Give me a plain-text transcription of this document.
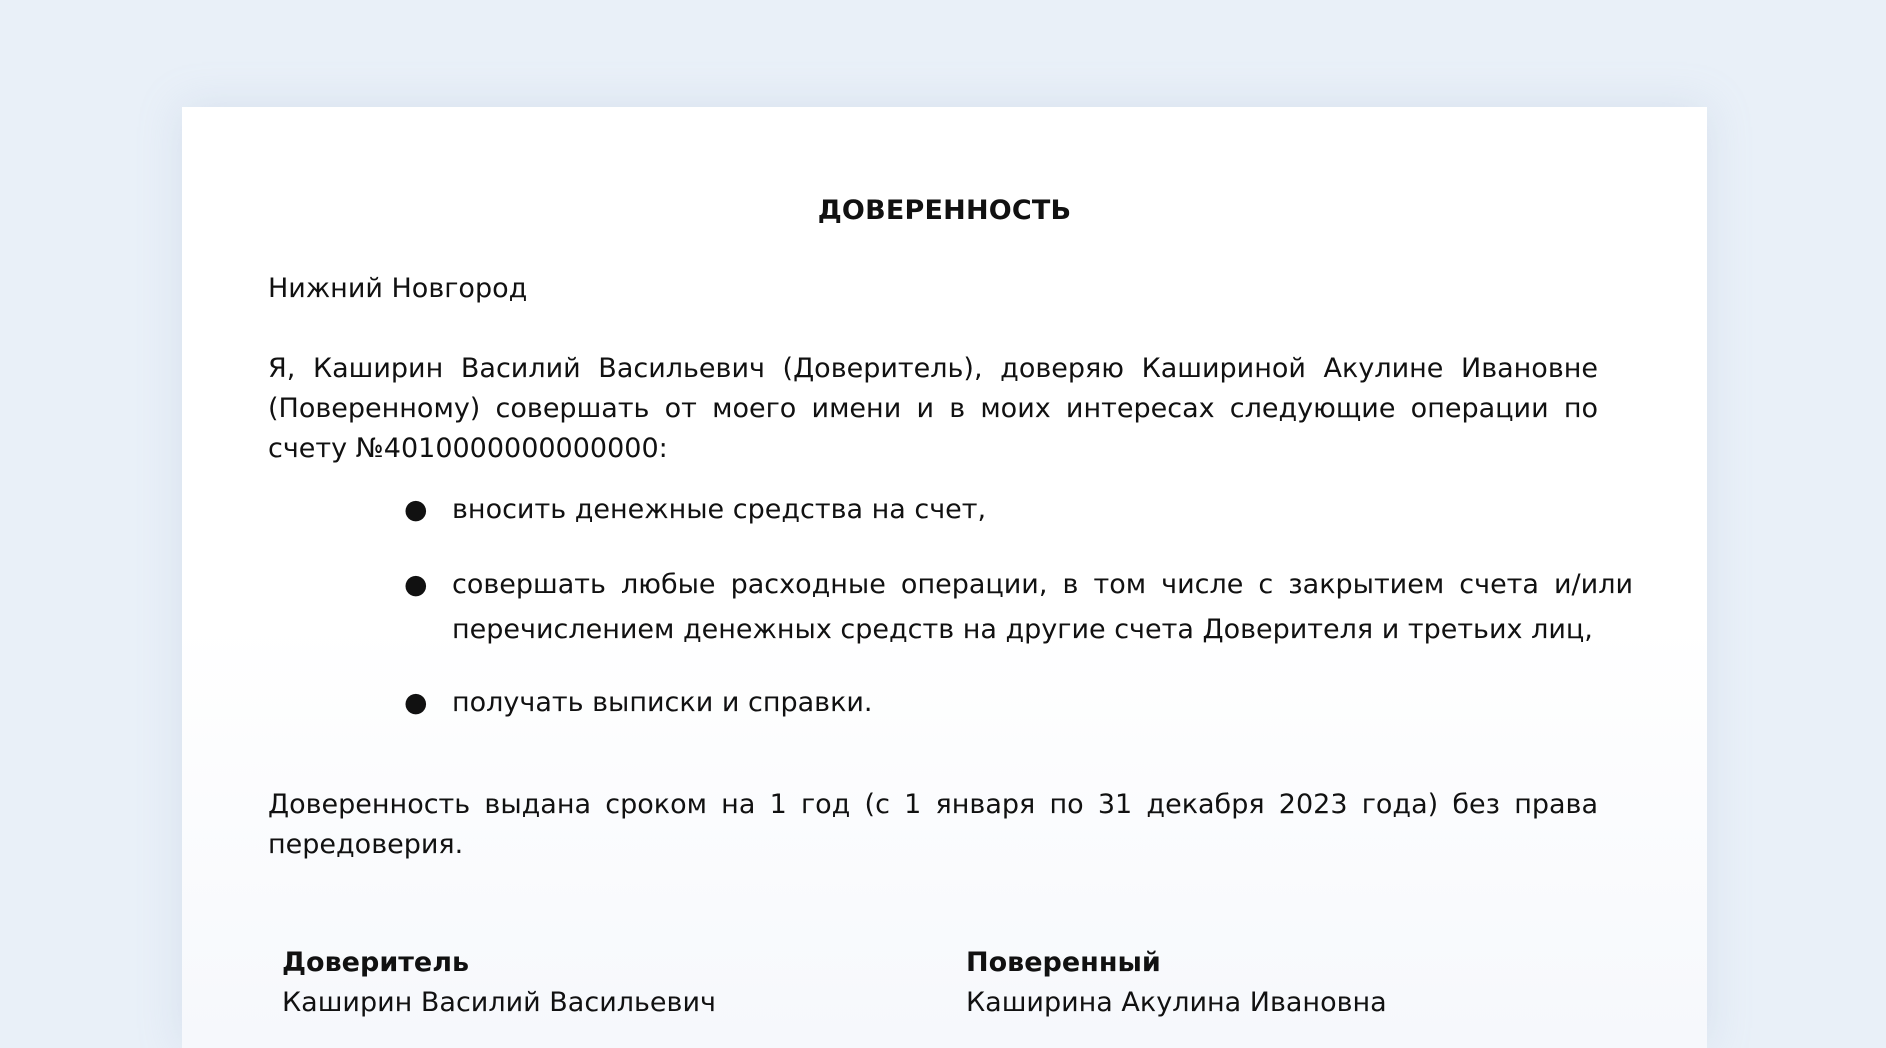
ДОВЕРЕННОСТЬ
Нижний Новгород
Я, Каширин Василий Васильевич (Доверитель), доверяю Кашириной Акулине Ивановне (Поверенному) совершать от моего имени и в моих интересах следующие операции по счету №4010000000000000:
● вносить денежные средства на счет,
● совершать любые расходные операции, в том числе с закрытием счета и/или перечислением денежных средств на другие счета Доверителя и третьих лиц,
● получать выписки и справки.
Доверенность выдана сроком на 1 год (с 1 января по 31 декабря 2023 года) без права передоверия.
Доверитель
Каширин Василий Васильевич
Поверенный
Каширина Акулина Ивановна
